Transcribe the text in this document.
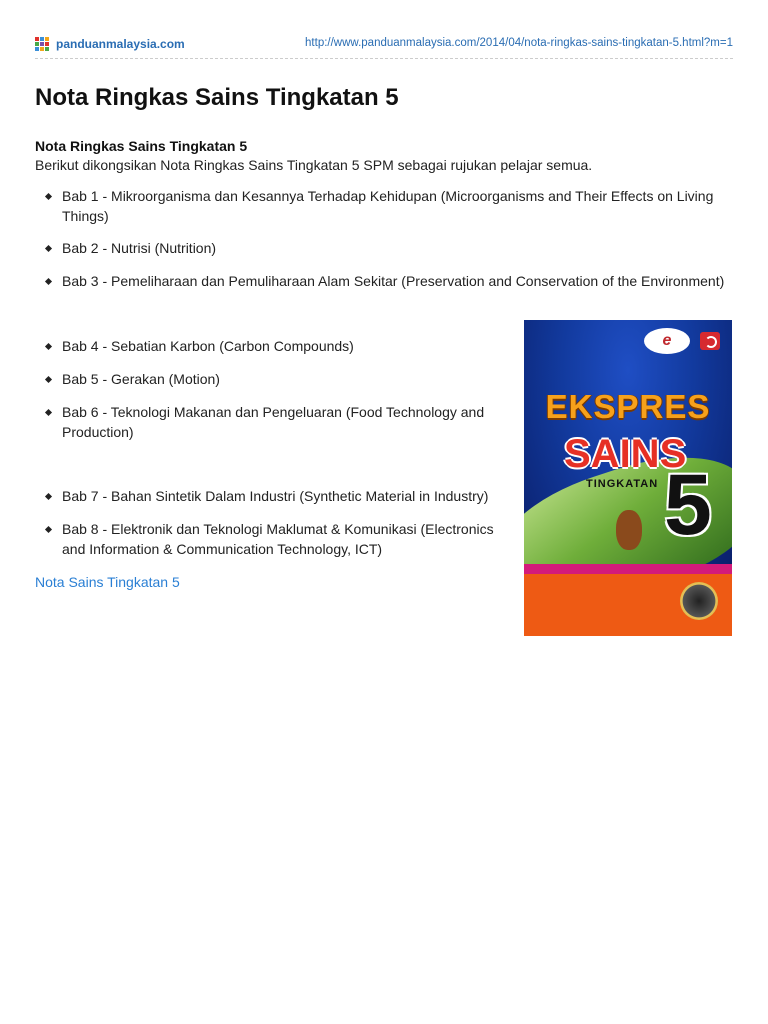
panduanmalaysia.com	http://www.panduanmalaysia.com/2014/04/nota-ringkas-sains-tingkatan-5.html?m=1
Nota Ringkas Sains Tingkatan 5

Nota Ringkas Sains Tingkatan 5

Berikut dikongsikan Nota Ringkas Sains Tingkatan 5 SPM sebagai rujukan pelajar semua.

Bab 1 - Mikroorganisma dan Kesannya Terhadap Kehidupan (Microorganisms and Their Effects on Living Things)
Bab 2 - Nutrisi (Nutrition)
Bab 3 - Pemeliharaan dan Pemuliharaan Alam Sekitar (Preservation and Conservation of the Environment)
Bab 4 - Sebatian Karbon (Carbon Compounds)
Bab 5 - Gerakan (Motion)
Bab 6 - Teknologi Makanan dan Pengeluaran (Food Technology and Production)
Bab 7 - Bahan Sintetik Dalam Industri (Synthetic Material in Industry)
Bab 8 - Elektronik dan Teknologi Maklumat & Komunikasi (Electronics and Information & Communication Technology, ICT)
Nota Sains Tingkatan 5
e
EKSPRES
SAINS
TINGKATAN 5
